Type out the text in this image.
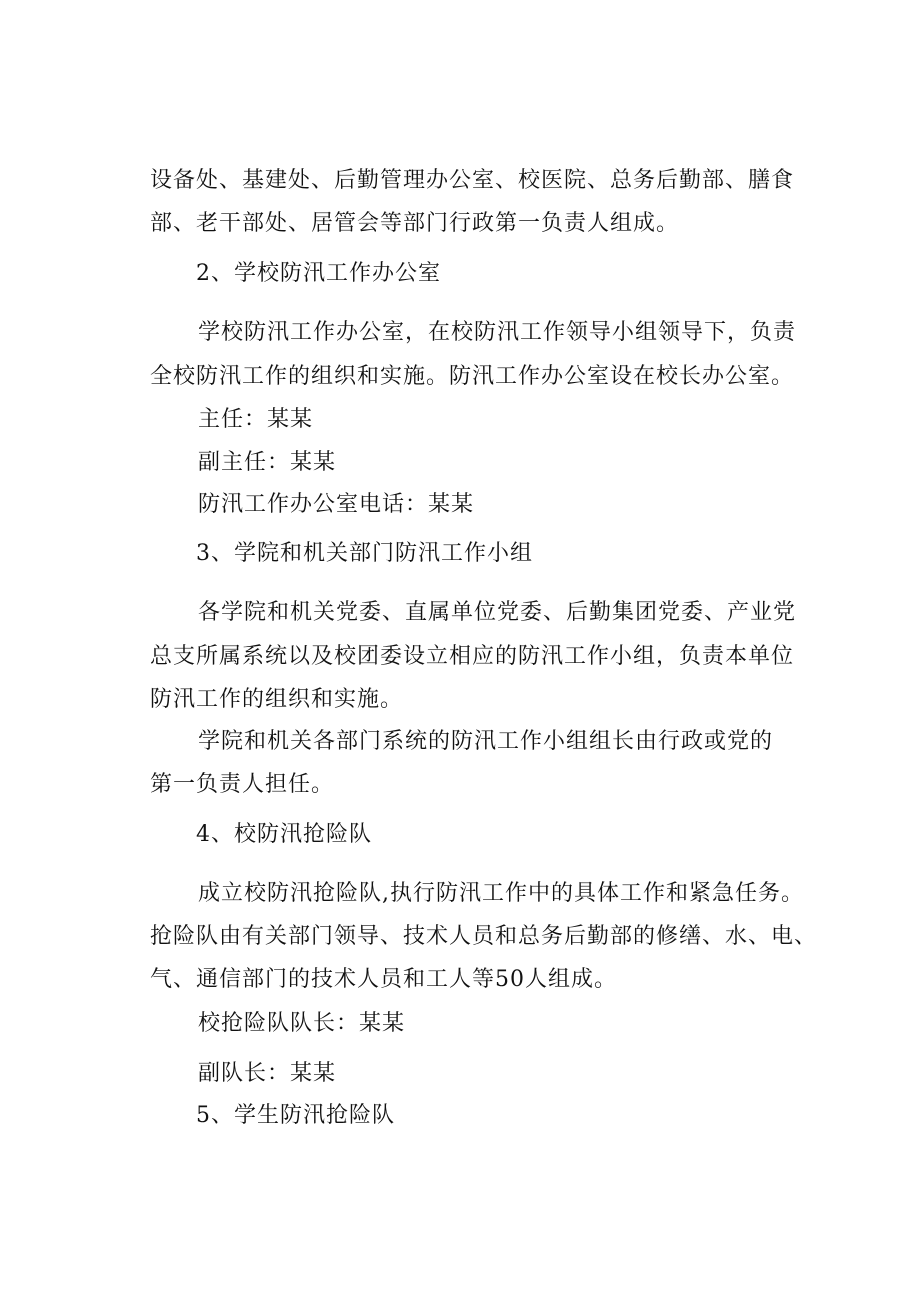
设备处、基建处、后勤管理办公室、校医院、总务后勤部、膳食
部、老干部处、居管会等部门行政第一负责人组成。
2、学校防汛工作办公室
学校防汛工作办公室，在校防汛工作领导小组领导下，负责
全校防汛工作的组织和实施。防汛工作办公室设在校长办公室。
主任：某某
副主任：某某
防汛工作办公室电话：某某
3、学院和机关部门防汛工作小组
各学院和机关党委、直属单位党委、后勤集团党委、产业党
总支所属系统以及校团委设立相应的防汛工作小组，负责本单位
防汛工作的组织和实施。
学院和机关各部门系统的防汛工作小组组长由行政或党的
第一负责人担任。
4、校防汛抢险队
成立校防汛抢险队,执行防汛工作中的具体工作和紧急任务。
抢险队由有关部门领导、技术人员和总务后勤部的修缮、水、电、
气、通信部门的技术人员和工人等50人组成。
校抢险队队长：某某
副队长：某某
5、学生防汛抢险队
